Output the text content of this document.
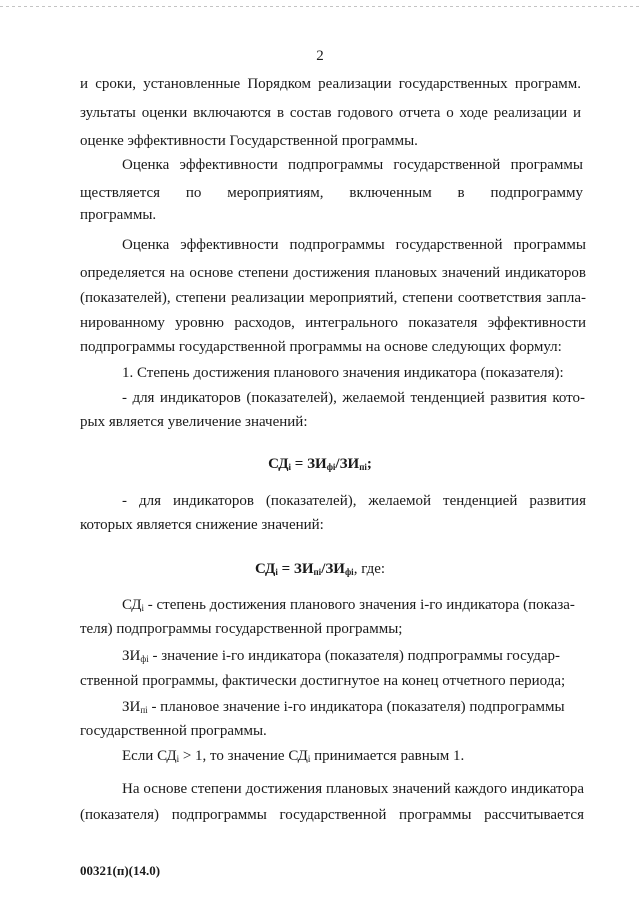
2
и сроки, установленные Порядком реализации государственных программ.
зультаты оценки включаются в состав годового отчета о ходе реализации и
оценке эффективности Государственной программы.
Оценка эффективности подпрограммы государственной программы
ществляется по мероприятиям, включенным в подпрограмму
программы.
Оценка эффективности подпрограммы государственной программы
определяется на основе степени достижения плановых значений индикаторов
(показателей), степени реализации мероприятий, степени соответствия запла-
нированному уровню расходов, интегрального показателя эффективности
подпрограммы государственной программы на основе следующих формул:
1. Степень достижения планового значения индикатора (показателя):
- для индикаторов (показателей), желаемой тенденцией развития кото-
рых является увеличение значений:
$СД_i = ЗИ_{фi}/ЗИ_{пi}$;
- для индикаторов (показателей), желаемой тенденцией развития
которых является снижение значений:
$СД_i = ЗИ_{пi}/ЗИ_{фi}$, где:
СДi - степень достижения планового значения i-го индикатора (показа-
теля) подпрограммы государственной программы;
ЗИфi - значение i-го индикатора (показателя) подпрограммы государ-
ственной программы, фактически достигнутое на конец отчетного периода;
ЗИпi - плановое значение i-го индикатора (показателя) подпрограммы
государственной программы.
Если СДi > 1, то значение СДi принимается равным 1.
На основе степени достижения плановых значений каждого индикатора
(показателя) подпрограммы государственной программы рассчитывается
00321(п)(14.0)
